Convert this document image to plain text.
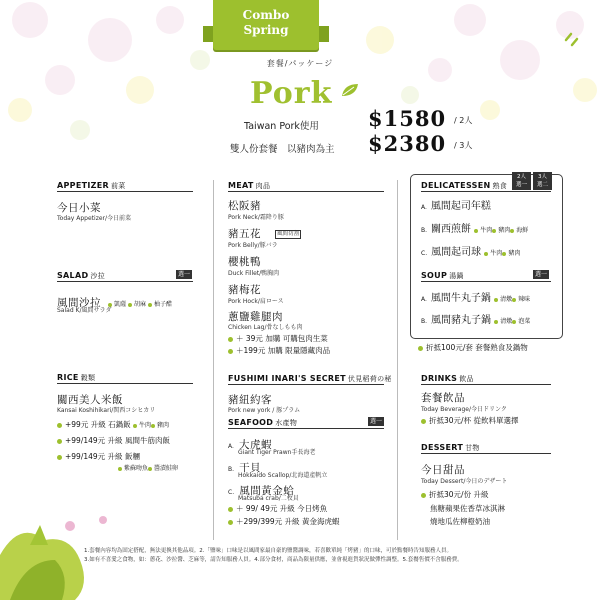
Combo
Spring
套餐/パッケージ
Pork
Taiwan Pork使用 $1580 / 2人
雙人份套餐　以豬肉為主 $2380 / 3人
APPETIZER 前菜
今日小菜
Today Appetizer/今日前菜
SALAD 沙拉	選一
風間沙拉 凱薩 胡麻 柚子醋
Salad K/風間サラダ
RICE 穀類
關西美人米飯
Kansai Koshihikari/関西コシヒカリ
+99元 升級 石鍋飯 牛肉 豬肉
+99/149元 升級 風間牛筋肉飯
+99/149元 升級 飯糰
紫蘇吻魚 醬漬鮭卵
MEAT 肉品
松阪豬
Pork Neck/霜降り豚
豬五花	風間切割
Pork Belly/豚バラ
櫻桃鴨
Duck Fillet/鴨胸肉
豬梅花
Pork Hock/肩ロース
蔥鹽雞腿肉
Chicken Lag/骨なしもも肉
＋ 39元 加購 可購包肉生菜
＋199元 加購 限量隱藏肉品
FUSHIMI INARI'S SECRET 伏見稻荷の秘
豬紐約客
Pork new york / 豚プラム
SEAFOOD 水產物	選一
A. 大虎蝦
Giant Tiger Prawn手長海老
B. 干貝
Hokkaido Scallop/北海道產帆立
C. 風間黃金蛤
Matsuba crab/二枚貝
＋ 99/ 49元 升級 今日烤魚
＋299/399元 升級 黃金海虎蝦
DELICATESSEN 熟食
2人
選一
3人
選二
A. 風間起司年糕
B. 關西煎餅 牛肉 豬肉 海鮮
C. 風間起司球 牛肉 豬肉
SOUP 湯鍋	選一
A. 風間牛丸子鍋 清燉 辣味
B. 風間豬丸子鍋 清燉 泡菜
折抵100元/套 套餐熟食及鍋物
DRINKS 飲品
套餐飲品
Today Beverage/今日ドリンク
折抵30元/杯 從飲料單選擇
DESSERT 甘物
今日甜品
Today Dessert/今日のデザート
折抵30元/份 升級
焦糖蘋果佐香草冰淇淋
燒地瓜佐柳橙奶油
1.套餐內容均為固定搭配，無法更換其他品項。2.「鹽味」口味是以風間家最自豪的鹽醬調味，若喜歡單純「烤豬」的口味，可於點餐時告知服務人員。
3.如有不喜愛之食物，如：蔥花、沙拉醬、芝麻等，請告知服務人員。4.部分食材，商品為限量供應，並會視進貨狀況做彈性調整。5.套餐售價不含服務費。
